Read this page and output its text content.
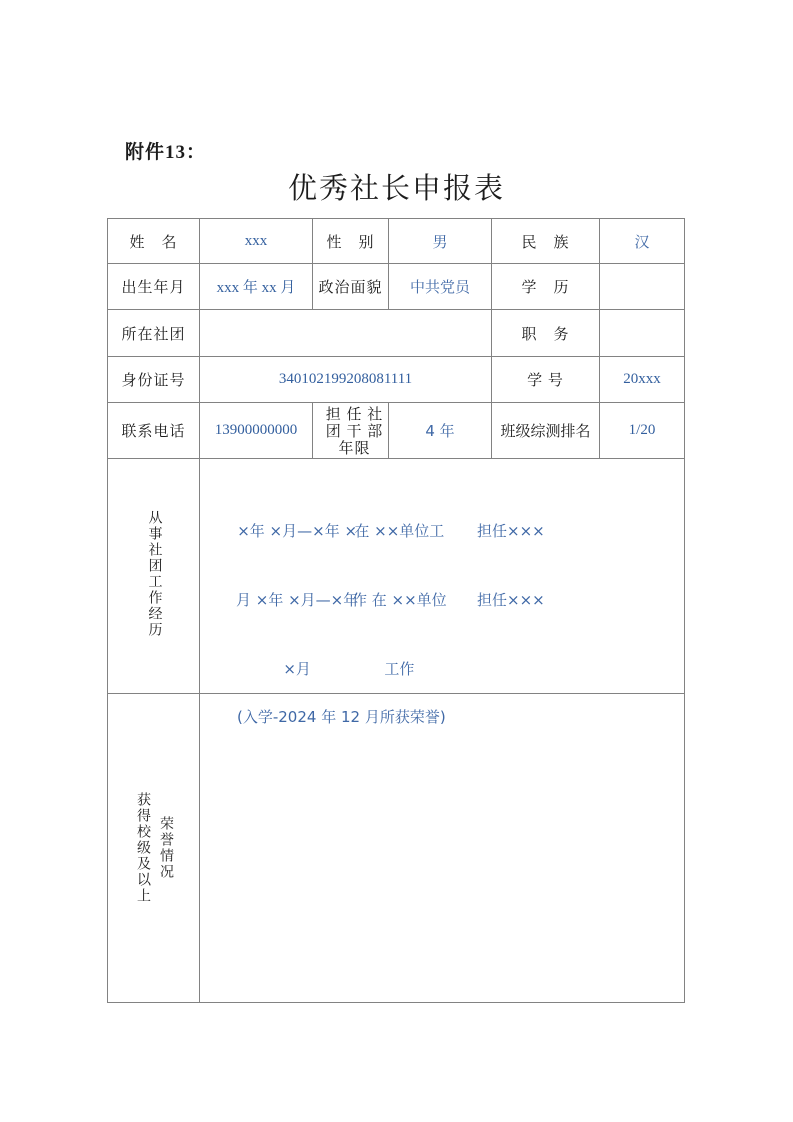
附件13：
优秀社长申报表
姓　名	xxx	性　别	男	民　族	汉
出生年月	xxx 年 xx 月	政治面貌	中共党员	学　历	
所在社团				职　务	
身份证号	340102199208081111			学 号	20xxx
联系电话	13900000000	担 任 社
团 干 部
年限	4 年	班级综测排名	1/20
从事社团工作经历	×年 ×月—×年 ×

月 ×年 ×月—×年

×月

在 ××单位工

作 在 ××单位

工作

担任×××

担任×××

获得校级及以上 荣誉情况	(入学-2024 年 12 月所获荣誉)				
